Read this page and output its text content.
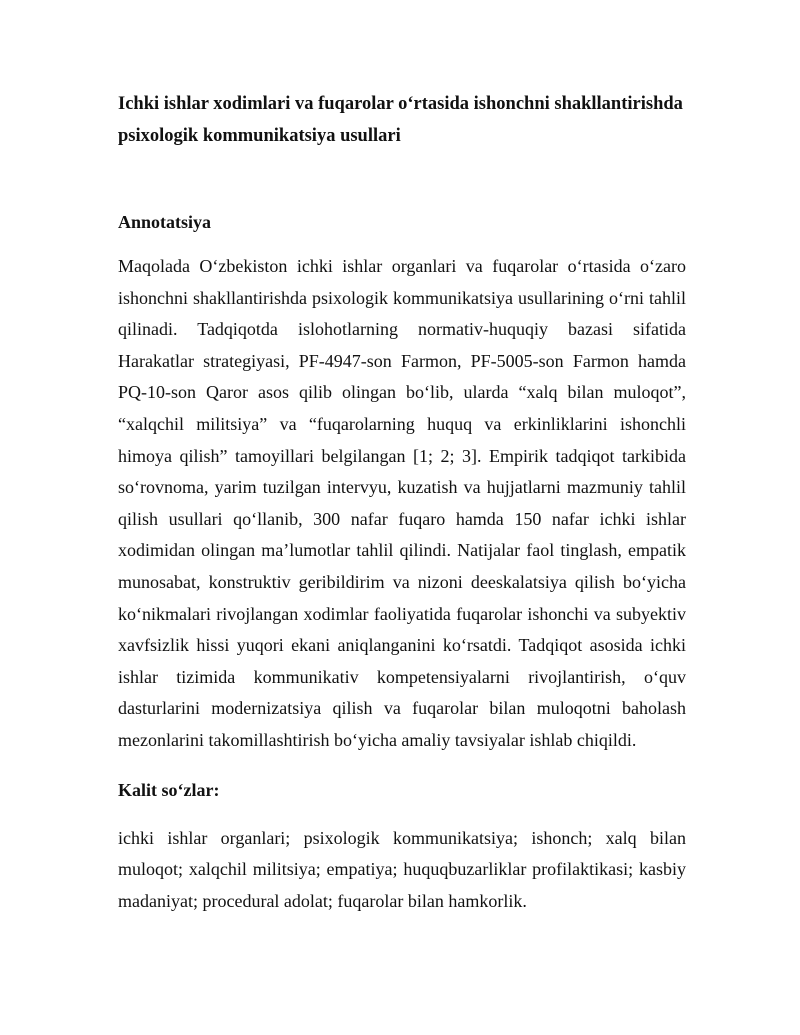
Ichki ishlar xodimlari va fuqarolar o‘rtasida ishonchni shakllantirishda psixologik kommunikatsiya usullari
Annotatsiya

Maqolada O‘zbekiston ichki ishlar organlari va fuqarolar o‘rtasida o‘zaro ishonchni shakllantirishda psixologik kommunikatsiya usullarining o‘rni tahlil qilinadi. Tadqiqotda islohotlarning normativ-huquqiy bazasi sifatida Harakatlar strategiyasi, PF-4947-son Farmon, PF-5005-son Farmon hamda PQ-10-son Qaror asos qilib olingan bo‘lib, ularda “xalq bilan muloqot”, “xalqchil militsiya” va “fuqarolarning huquq va erkinliklarini ishonchli himoya qilish” tamoyillari belgilangan [1; 2; 3]. Empirik tadqiqot tarkibida so‘rovnoma, yarim tuzilgan intervyu, kuzatish va hujjatlarni mazmuniy tahlil qilish usullari qo‘llanib, 300 nafar fuqaro hamda 150 nafar ichki ishlar xodimidan olingan ma’lumotlar tahlil qilindi. Natijalar faol tinglash, empatik munosabat, konstruktiv geribildirim va nizoni deeskalatsiya qilish bo‘yicha ko‘nikmalari rivojlangan xodimlar faoliyatida fuqarolar ishonchi va subyektiv xavfsizlik hissi yuqori ekani aniqlanganini ko‘rsatdi. Tadqiqot asosida ichki ishlar tizimida kommunikativ kompetensiyalarni rivojlantirish, o‘quv dasturlarini modernizatsiya qilish va fuqarolar bilan muloqotni baholash mezonlarini takomillashtirish bo‘yicha amaliy tavsiyalar ishlab chiqildi.

Kalit so‘zlar:

ichki ishlar organlari; psixologik kommunikatsiya; ishonch; xalq bilan muloqot; xalqchil militsiya; empatiya; huquqbuzarliklar profilaktikasi; kasbiy madaniyat; procedural adolat; fuqarolar bilan hamkorlik.
